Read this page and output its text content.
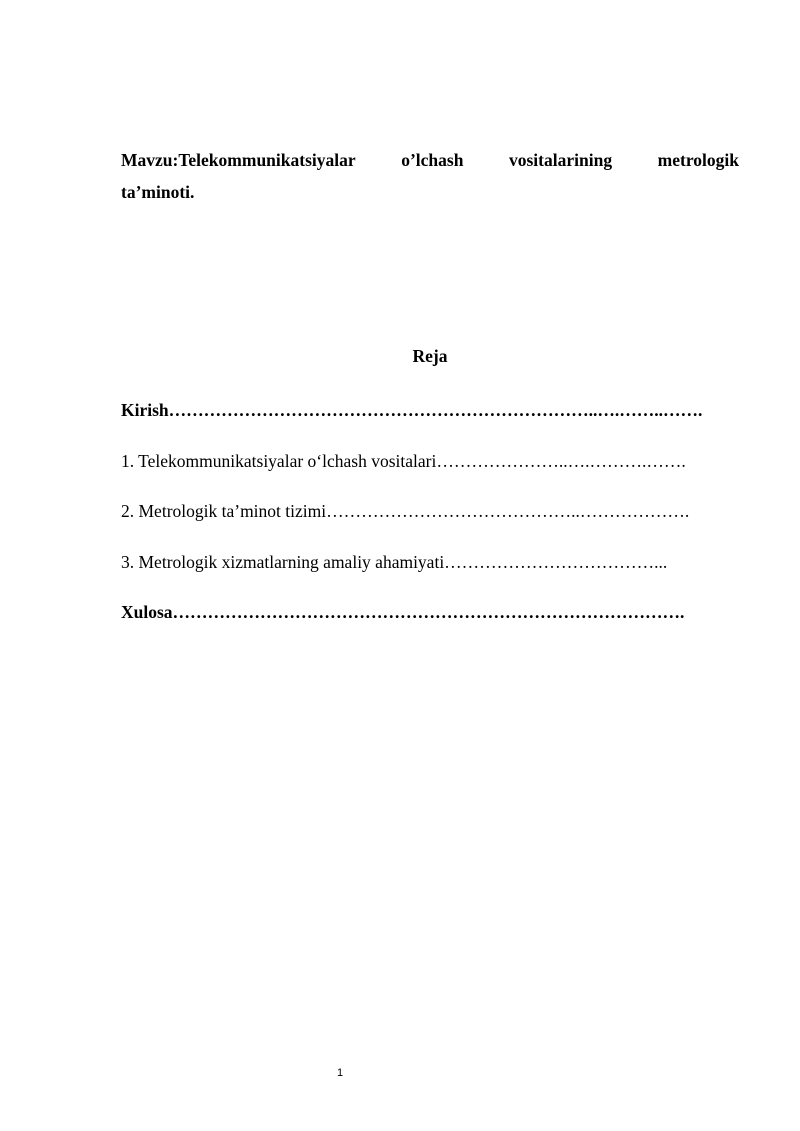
Mavzu:Telekommunikatsiyalar	o’lchash	vositalarining	metrologik
ta’minoti.
Reja
Kirish………………………………………………………………..….……..…….
1. Telekommunikatsiyalar o‘lchash vositalari…………………..….……….…….
2. Metrologik ta’minot tizimi……………………………………..……………….
3. Metrologik xizmatlarning amaliy ahamiyati………………………………...
Xulosa…………………………………………………………………………….
1
